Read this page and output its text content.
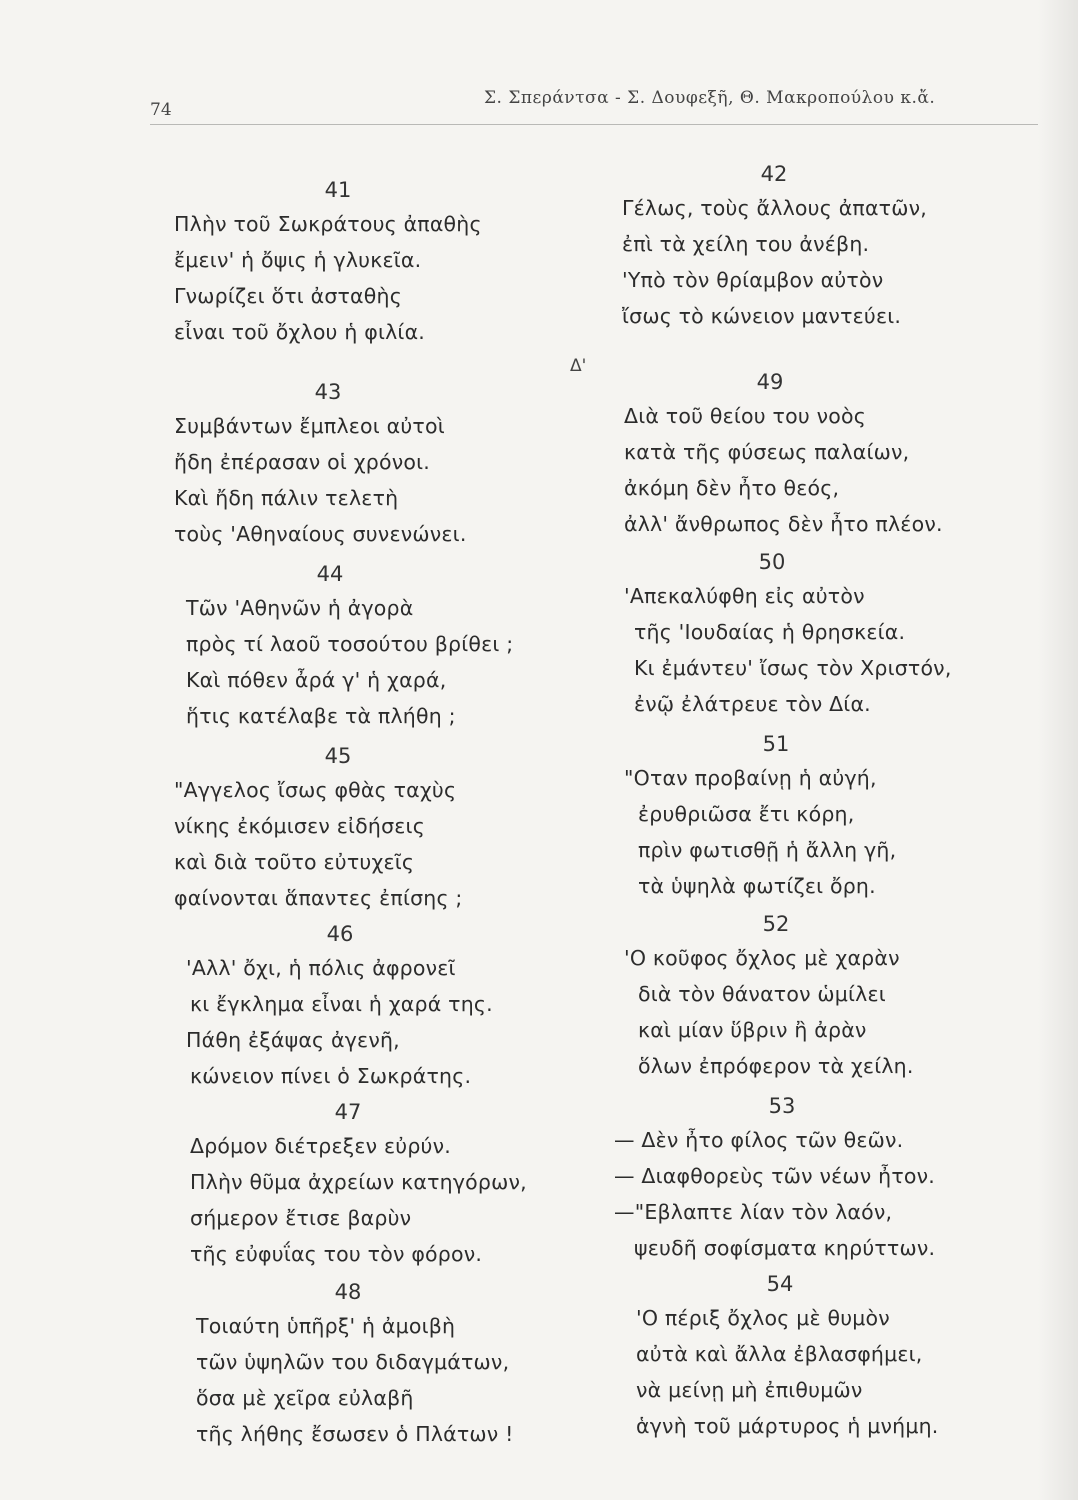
74
Σ. Σπεράντσα - Σ. Δουφεξῆ, Θ. Μακροπούλου κ.ἄ.
Δ'
41
Πλὴν τοῦ Σωκράτους ἀπαθὴς
ἔμειν' ἡ ὄψις ἡ γλυκεῖα.
Γνωρίζει ὅτι ἀσταθὴς
εἶναι τοῦ ὄχλου ἡ φιλία.
43
Συμβάντων ἔμπλεοι αὐτοὶ
ἤδη ἐπέρασαν οἱ χρόνοι.
Καὶ ἤδη πάλιν τελετὴ
τοὺς 'Αθηναίους συνενώνει.
44
Τῶν 'Αθηνῶν ἡ ἀγορὰ
πρὸς τί λαοῦ τοσούτου βρίθει ;
Καὶ πόθεν ἆρά γ' ἡ χαρά,
ἥτις κατέλαβε τὰ πλήθη ;
45
"Αγγελος ἴσως φθὰς ταχὺς
νίκης ἐκόμισεν εἰδήσεις
καὶ διὰ τοῦτο εὐτυχεῖς
φαίνονται ἅπαντες ἐπίσης ;
46
'Αλλ' ὄχι, ἡ πόλις ἀφρονεῖ
κι ἔγκλημα εἶναι ἡ χαρά της.
Πάθη ἐξάψας ἀγενῆ,
κώνειον πίνει ὁ Σωκράτης.
47
Δρόμον διέτρεξεν εὐρύν.
Πλὴν θῦμα ἀχρείων κατηγόρων,
σήμερον ἔτισε βαρὺν
τῆς εὐφυΐας του τὸν φόρον.
48
Τοιαύτη ὑπῆρξ' ἡ ἀμοιβὴ
τῶν ὑψηλῶν του διδαγμάτων,
ὅσα μὲ χεῖρα εὐλαβῆ
τῆς λήθης ἔσωσεν ὁ Πλάτων !
42
Γέλως, τοὺς ἄλλους ἀπατῶν,
ἐπὶ τὰ χείλη του ἀνέβη.
'Υπὸ τὸν θρίαμβον αὐτὸν
ἴσως τὸ κώνειον μαντεύει.
49
Διὰ τοῦ θείου του νοὸς
κατὰ τῆς φύσεως παλαίων,
ἀκόμη δὲν ἦτο θεός,
ἀλλ' ἄνθρωπος δὲν ἦτο πλέον.
50
'Απεκαλύφθη εἰς αὐτὸν
τῆς 'Ιουδαίας ἡ θρησκεία.
Κι ἐμάντευ' ἴσως τὸν Χριστόν,
ἐνῷ ἐλάτρευε τὸν Δία.
51
"Οταν προβαίνῃ ἡ αὐγή,
ἐρυθριῶσα ἔτι κόρη,
πρὶν φωτισθῇ ἡ ἄλλη γῆ,
τὰ ὑψηλὰ φωτίζει ὄρη.
52
'Ο κοῦφος ὄχλος μὲ χαρὰν
διὰ τὸν θάνατον ὡμίλει
καὶ μίαν ὕβριν ἢ ἀρὰν
ὅλων ἐπρόφερον τὰ χείλη.
53
— Δὲν ἦτο φίλος τῶν θεῶν.
— Διαφθορεὺς τῶν νέων ἦτον.
—"Εβλαπτε λίαν τὸν λαόν,
ψευδῆ σοφίσματα κηρύττων.
54
'Ο πέριξ ὄχλος μὲ θυμὸν
αὐτὰ καὶ ἄλλα ἐβλασφήμει,
νὰ μείνῃ μὴ ἐπιθυμῶν
ἁγνὴ τοῦ μάρτυρος ἡ μνήμη.
